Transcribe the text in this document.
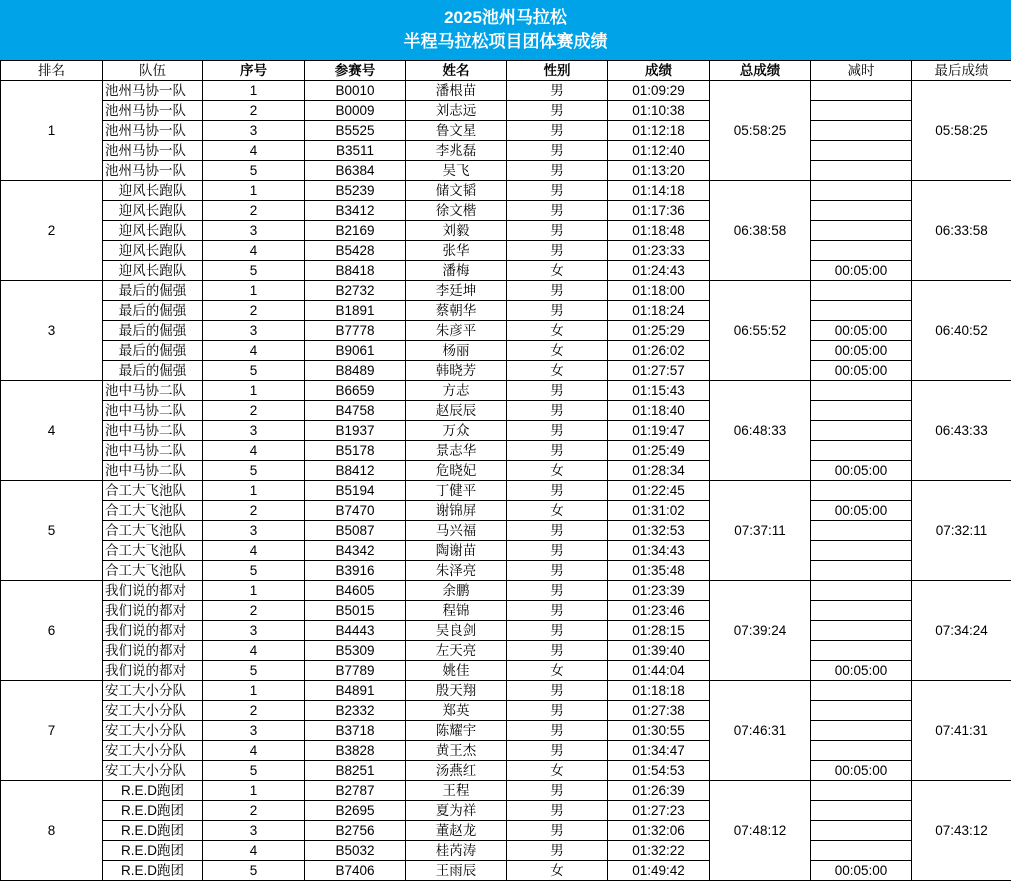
2025池州马拉松
半程马拉松项目团体赛成绩
排名	队伍	序号	参赛号	姓名	性别	成绩	总成绩	减时	最后成绩
1	池州马协一队	1	B0010	潘根苗	男	01:09:29	05:58:25		05:58:25
	池州马协一队	2	B0009	刘志远	男	01:10:38			
	池州马协一队	3	B5525	鲁文星	男	01:12:18			
	池州马协一队	4	B3511	李兆磊	男	01:12:40			
	池州马协一队	5	B6384	吴飞	男	01:13:20			
2	迎风长跑队	1	B5239	储文韬	男	01:14:18	06:38:58		06:33:58
	迎风长跑队	2	B3412	徐文楷	男	01:17:36			
	迎风长跑队	3	B2169	刘毅	男	01:18:48			
	迎风长跑队	4	B5428	张华	男	01:23:33			
	迎风长跑队	5	B8418	潘梅	女	01:24:43		00:05:00	
3	最后的倔强	1	B2732	李廷坤	男	01:18:00	06:55:52		06:40:52
	最后的倔强	2	B1891	蔡朝华	男	01:18:24			
	最后的倔强	3	B7778	朱彦平	女	01:25:29		00:05:00	
	最后的倔强	4	B9061	杨丽	女	01:26:02		00:05:00	
	最后的倔强	5	B8489	韩晓芳	女	01:27:57		00:05:00	
4	池中马协二队	1	B6659	方志	男	01:15:43	06:48:33		06:43:33
	池中马协二队	2	B4758	赵辰辰	男	01:18:40			
	池中马协二队	3	B1937	万众	男	01:19:47			
	池中马协二队	4	B5178	景志华	男	01:25:49			
	池中马协二队	5	B8412	危晓妃	女	01:28:34		00:05:00	
5	合工大飞池队	1	B5194	丁健平	男	01:22:45	07:37:11		07:32:11
	合工大飞池队	2	B7470	谢锦屏	女	01:31:02		00:05:00	
	合工大飞池队	3	B5087	马兴福	男	01:32:53			
	合工大飞池队	4	B4342	陶谢苗	男	01:34:43			
	合工大飞池队	5	B3916	朱泽亮	男	01:35:48			
6	我们说的都对	1	B4605	余鹏	男	01:23:39	07:39:24		07:34:24
	我们说的都对	2	B5015	程锦	男	01:23:46			
	我们说的都对	3	B4443	吴良剑	男	01:28:15			
	我们说的都对	4	B5309	左天亮	男	01:39:40			
	我们说的都对	5	B7789	姚佳	女	01:44:04		00:05:00	
7	安工大小分队	1	B4891	殷天翔	男	01:18:18	07:46:31		07:41:31
	安工大小分队	2	B2332	郑英	男	01:27:38			
	安工大小分队	3	B3718	陈耀宇	男	01:30:55			
	安工大小分队	4	B3828	黄王杰	男	01:34:47			
	安工大小分队	5	B8251	汤燕红	女	01:54:53		00:05:00	
8	R.E.D跑团	1	B2787	王程	男	01:26:39	07:48:12		07:43:12
	R.E.D跑团	2	B2695	夏为祥	男	01:27:23			
	R.E.D跑团	3	B2756	董赵龙	男	01:32:06			
	R.E.D跑团	4	B5032	桂芮涛	男	01:32:22			
	R.E.D跑团	5	B7406	王雨辰	女	01:49:42		00:05:00	
